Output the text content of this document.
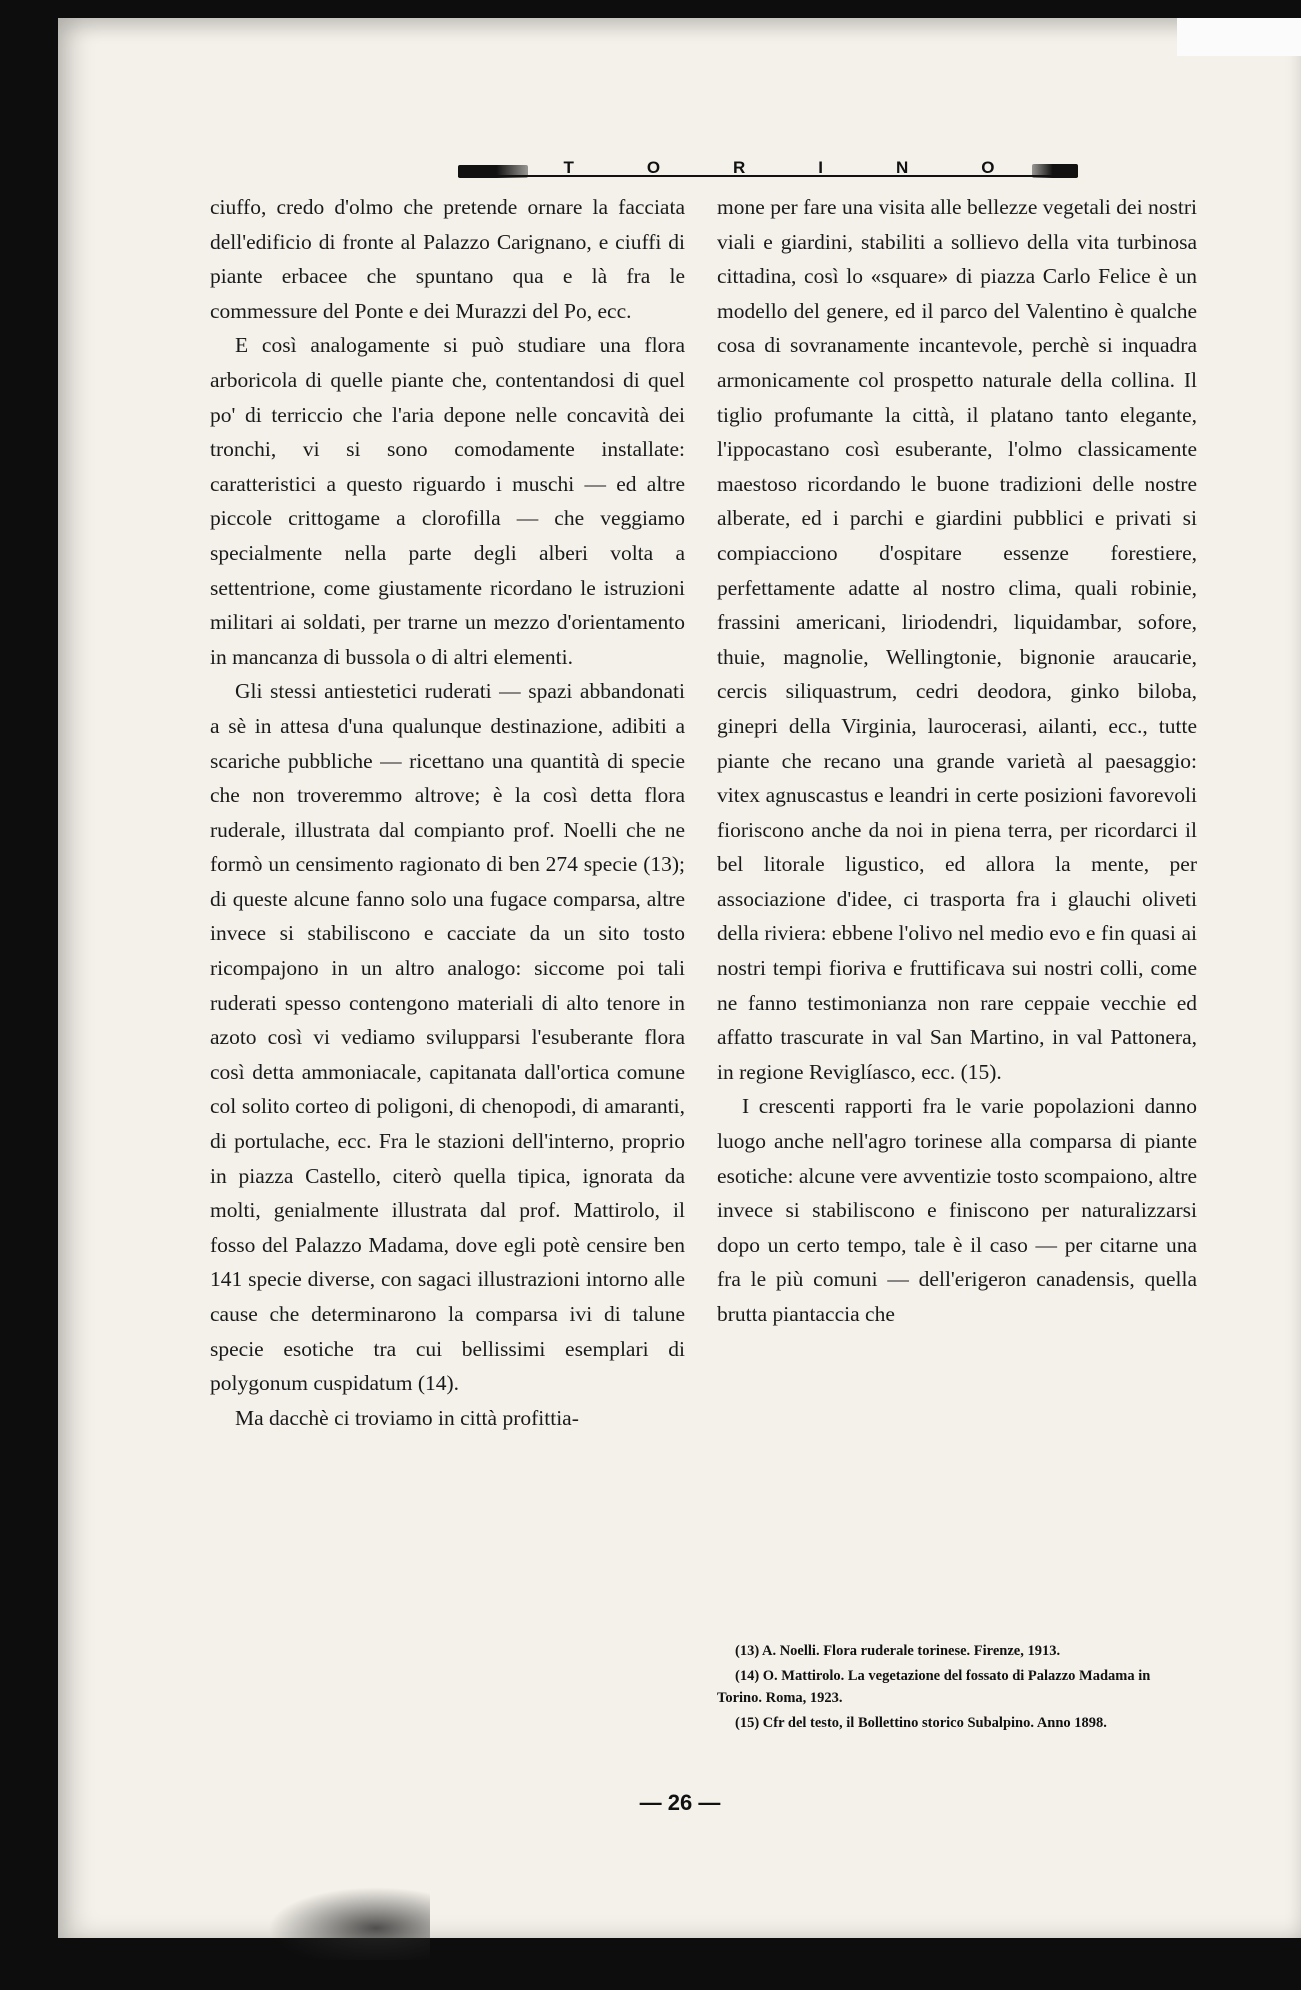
T	O	R	I	N	O

ciuffo, credo d'olmo che pretende ornare la facciata dell'edificio di fronte al Palazzo Carignano, e ciuffi di piante erbacee che spuntano qua e là fra le commessure del Ponte e dei Murazzi del Po, ecc.

E così analogamente si può studiare una flora arboricola di quelle piante che, contentandosi di quel po' di terriccio che l'aria depone nelle concavità dei tronchi, vi si sono comodamente installate: caratteristici a questo riguardo i muschi — ed altre piccole crittogame a clorofilla — che veggiamo specialmente nella parte degli alberi volta a settentrione, come giustamente ricordano le istruzioni militari ai soldati, per trarne un mezzo d'orientamento in mancanza di bussola o di altri elementi.

Gli stessi antiestetici ruderati — spazi abbandonati a sè in attesa d'una qualunque destinazione, adibiti a scariche pubbliche — ricettano una quantità di specie che non troveremmo altrove; è la così detta flora ruderale, illustrata dal compianto prof. Noelli che ne formò un censimento ragionato di ben 274 specie (13); di queste alcune fanno solo una fugace comparsa, altre invece si stabiliscono e cacciate da un sito tosto ricompajono in un altro analogo: siccome poi tali ruderati spesso contengono materiali di alto tenore in azoto così vi vediamo svilupparsi l'esuberante flora così detta ammoniacale, capitanata dall'ortica comune col solito corteo di poligoni, di chenopodi, di amaranti, di portulache, ecc. Fra le stazioni dell'interno, proprio in piazza Castello, citerò quella tipica, ignorata da molti, genialmente illustrata dal prof. Mattirolo, il fosso del Palazzo Madama, dove egli potè censire ben 141 specie diverse, con sagaci illustrazioni intorno alle cause che determinarono la comparsa ivi di talune specie esotiche tra cui bellissimi esemplari di polygonum cuspidatum (14).

Ma dacchè ci troviamo in città profittia-

mone per fare una visita alle bellezze vegetali dei nostri viali e giardini, stabiliti a sollievo della vita turbinosa cittadina, così lo «square» di piazza Carlo Felice è un modello del genere, ed il parco del Valentino è qualche cosa di sovranamente incantevole, perchè si inquadra armonicamente col prospetto naturale della collina. Il tiglio profumante la città, il platano tanto elegante, l'ippocastano così esuberante, l'olmo classicamente maestoso ricordando le buone tradizioni delle nostre alberate, ed i parchi e giardini pubblici e privati si compiacciono d'ospitare essenze forestiere, perfettamente adatte al nostro clima, quali robinie, frassini americani, liriodendri, liquidambar, sofore, thuie, magnolie, Wellingtonie, bignonie araucarie, cercis siliquastrum, cedri deodora, ginko biloba, ginepri della Virginia, laurocerasi, ailanti, ecc., tutte piante che recano una grande varietà al paesaggio: vitex agnuscastus e leandri in certe posizioni favorevoli fioriscono anche da noi in piena terra, per ricordarci il bel litorale ligustico, ed allora la mente, per associazione d'idee, ci trasporta fra i glauchi oliveti della riviera: ebbene l'olivo nel medio evo e fin quasi ai nostri tempi fioriva e fruttificava sui nostri colli, come ne fanno testimonianza non rare ceppaie vecchie ed affatto trascurate in val San Martino, in val Pattonera, in regione Reviglíasco, ecc. (15).

I crescenti rapporti fra le varie popolazioni danno luogo anche nell'agro torinese alla comparsa di piante esotiche: alcune vere avventizie tosto scompaiono, altre invece si stabiliscono e finiscono per naturalizzarsi dopo un certo tempo, tale è il caso — per citarne una fra le più comuni — dell'erigeron canadensis, quella brutta piantaccia che

(13) A. Noelli. Flora ruderale torinese. Firenze, 1913.

(14) O. Mattirolo. La vegetazione del fossato di Palazzo Madama in Torino. Roma, 1923.

(15) Cfr del testo, il Bollettino storico Subalpino. Anno 1898.

— 26 —
